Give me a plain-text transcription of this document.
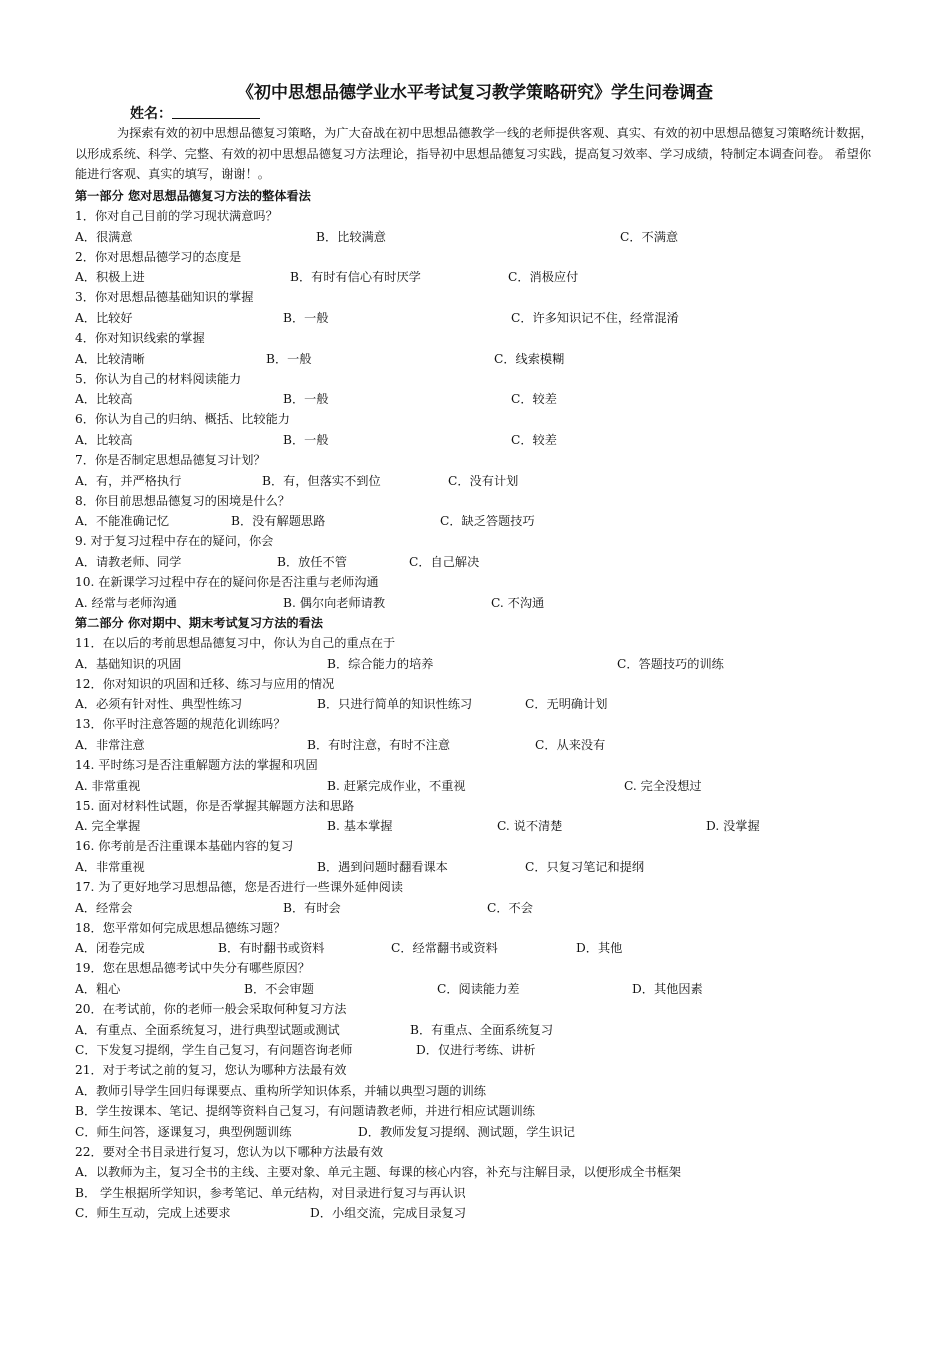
《初中思想品德学业水平考试复习教学策略研究》学生问卷调查
姓名：

为探索有效的初中思想品德复习策略，为广大奋战在初中思想品德教学一线的老师提供客观、真实、有效的初中思想品德复习策略统计数据，以形成系统、科学、完整、有效的初中思想品德复习方法理论，指导初中思想品德复习实践，提高复习效率、学习成绩，特制定本调查问卷。 希望你能进行客观、真实的填写，谢谢！。

第一部分 您对思想品德复习方法的整体看法
1．你对自己目前的学习现状满意吗？
A．很满意	B．比较满意	C．不满意
2．你对思想品德学习的态度是
A．积极上进	B．有时有信心有时厌学	C．消极应付
3．你对思想品德基础知识的掌握
A．比较好	B．一般	C．许多知识记不住，经常混淆
4．你对知识线索的掌握
A．比较清晰	B．一般	C．线索模糊
5．你认为自己的材料阅读能力
A．比较高	B．一般	C．较差
6．你认为自己的归纳、概括、比较能力
A．比较高	B．一般	C．较差
7．你是否制定思想品德复习计划？
A．有，并严格执行	B．有，但落实不到位	C．没有计划
8．你目前思想品德复习的困境是什么？
A．不能准确记忆	B．没有解题思路	C．缺乏答题技巧
9. 对于复习过程中存在的疑问，你会
A．请教老师、同学	B．放任不管	C．自己解决
10. 在新课学习过程中存在的疑问你是否注重与老师沟通
A. 经常与老师沟通	B. 偶尔向老师请教	C. 不沟通
第二部分 你对期中、期末考试复习方法的看法
11．在以后的考前思想品德复习中，你认为自己的重点在于
A．基础知识的巩固	B．综合能力的培养	C．答题技巧的训练
12．你对知识的巩固和迁移、练习与应用的情况
A．必须有针对性、典型性练习	B．只进行简单的知识性练习	C．无明确计划
13．你平时注意答题的规范化训练吗？
A．非常注意	B．有时注意，有时不注意	C．从来没有
14. 平时练习是否注重解题方法的掌握和巩固
A. 非常重视	B. 赶紧完成作业，不重视	C. 完全没想过
15. 面对材料性试题，你是否掌握其解题方法和思路
A. 完全掌握	B. 基本掌握	C. 说不清楚	D. 没掌握
16. 你考前是否注重课本基础内容的复习
A．非常重视	B．遇到问题时翻看课本	C．只复习笔记和提纲
17. 为了更好地学习思想品德，您是否进行一些课外延伸阅读
A．经常会	B．有时会	C．不会
18．您平常如何完成思想品德练习题？
A．闭卷完成	B．有时翻书或资料	C．经常翻书或资料	D．其他
19．您在思想品德考试中失分有哪些原因？
A．粗心	B．不会审题	C．阅读能力差	D．其他因素
20．在考试前，你的老师一般会采取何种复习方法
A．有重点、全面系统复习，进行典型试题或测试	B．有重点、全面系统复习
C．下发复习提纲，学生自己复习，有问题咨询老师	D．仅进行考练、讲析
21．对于考试之前的复习，您认为哪种方法最有效
A．教师引导学生回归每课要点、重构所学知识体系，并辅以典型习题的训练
B．学生按课本、笔记、提纲等资料自己复习，有问题请教老师，并进行相应试题训练
C．师生问答，逐课复习，典型例题训练	D．教师发复习提纲、测试题，学生识记
22．要对全书目录进行复习，您认为以下哪种方法最有效
A．以教师为主，复习全书的主线、主要对象、单元主题、每课的核心内容，补充与注解目录，以便形成全书框架
B． 学生根据所学知识，参考笔记、单元结构，对目录进行复习与再认识
C．师生互动，完成上述要求	D．小组交流，完成目录复习
